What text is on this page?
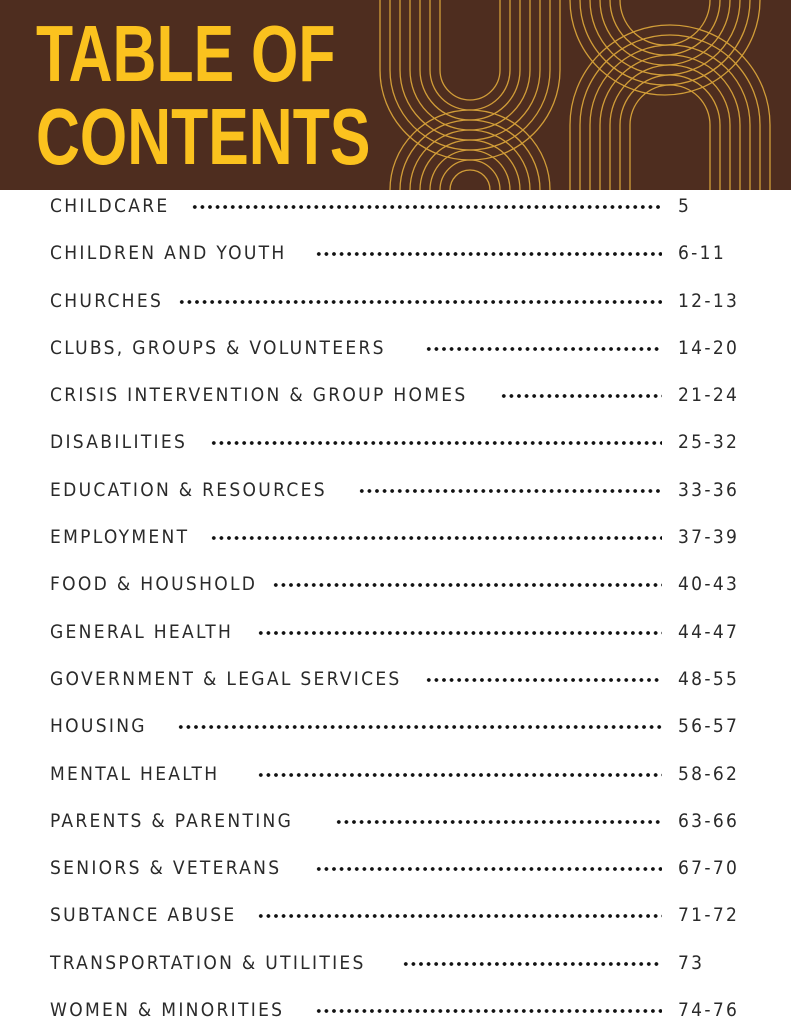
TABLE OF
CONTENTS
CHILDCARE	5
CHILDREN AND YOUTH	6-11
CHURCHES	12-13
CLUBS, GROUPS & VOLUNTEERS	14-20
CRISIS INTERVENTION & GROUP HOMES	21-24
DISABILITIES	25-32
EDUCATION & RESOURCES	33-36
EMPLOYMENT	37-39
FOOD & HOUSHOLD	40-43
GENERAL HEALTH	44-47
GOVERNMENT & LEGAL SERVICES	48-55
HOUSING	56-57
MENTAL HEALTH	58-62
PARENTS & PARENTING	63-66
SENIORS & VETERANS	67-70
SUBTANCE ABUSE	71-72
TRANSPORTATION & UTILITIES	73
WOMEN & MINORITIES	74-76
